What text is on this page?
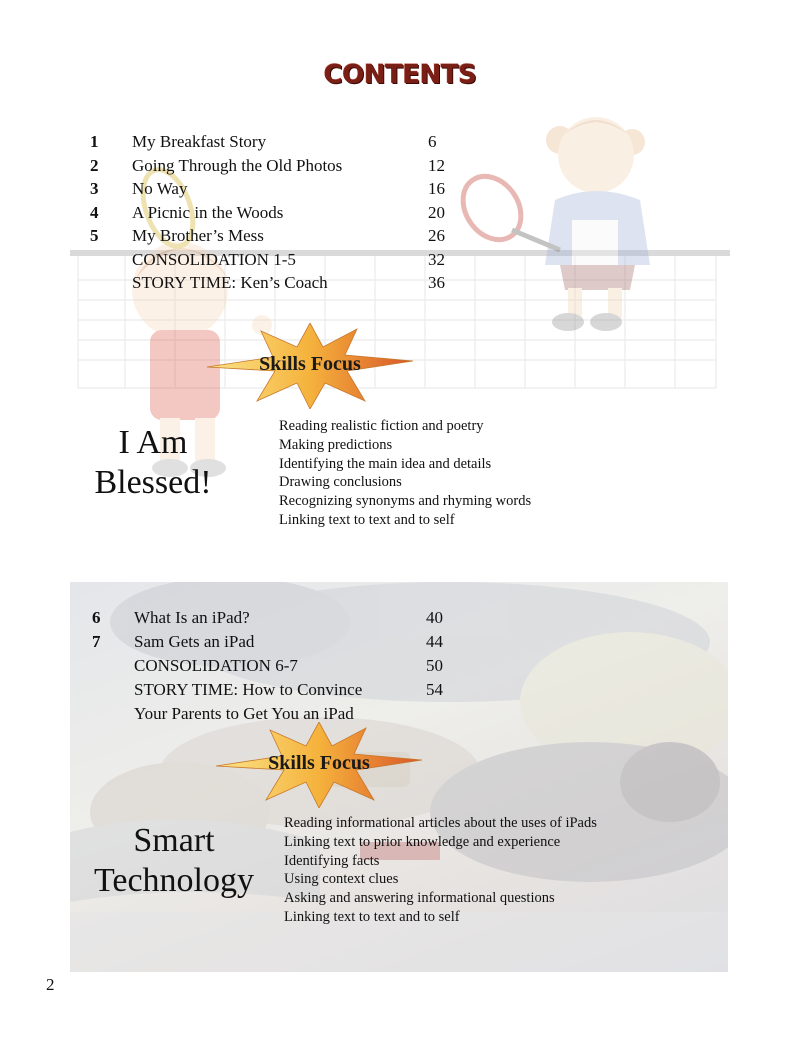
CONTENTS
1	My Breakfast Story	6
2	Going Through the Old Photos	12
3	No Way	16
4	A Picnic in the Woods	20
5	My Brother’s Mess	26
CONSOLIDATION 1-5	32
STORY TIME: Ken’s Coach	36
Skills Focus
I Am
Blessed!
Reading realistic fiction and poetry
Making predictions
Identifying the main idea and details
Drawing conclusions
Recognizing synonyms and rhyming words
Linking text to text and to self
6	What Is an iPad?	40
7	Sam Gets an iPad	44
CONSOLIDATION 6-7	50
STORY TIME: How to Convince	54
Your Parents to Get You an iPad
Skills Focus
Smart
Technology
Reading informational articles about the uses of iPads
Linking text to prior knowledge and experience
Identifying facts
Using context clues
Asking and answering informational questions
Linking text to text and to self
2
